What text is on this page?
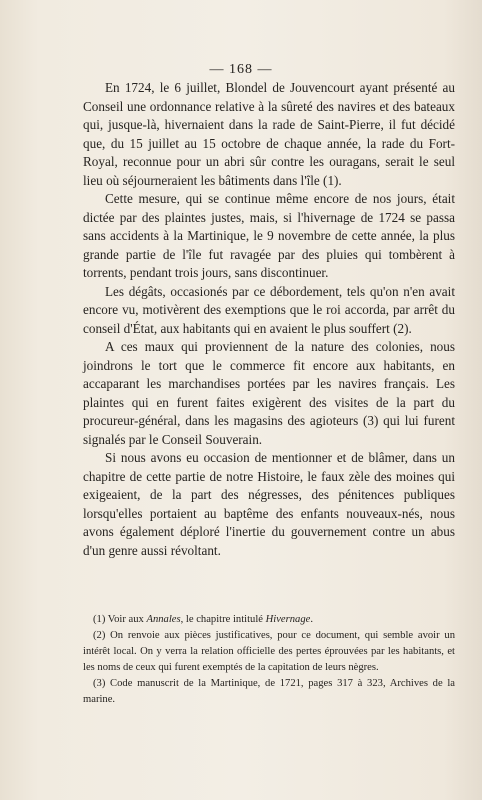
— 168 —

En 1724, le 6 juillet, Blondel de Jouvencourt ayant présenté au Conseil une ordonnance relative à la sûreté des navires et des bateaux qui, jusque-là, hivernaient dans la rade de Saint-Pierre, il fut décidé que, du 15 juillet au 15 octobre de chaque année, la rade du Fort-Royal, reconnue pour un abri sûr contre les ouragans, serait le seul lieu où séjourneraient les bâtiments dans l'île (1).

Cette mesure, qui se continue même encore de nos jours, était dictée par des plaintes justes, mais, si l'hivernage de 1724 se passa sans accidents à la Martinique, le 9 novembre de cette année, la plus grande partie de l'île fut ravagée par des pluies qui tombèrent à torrents, pendant trois jours, sans discontinuer.

Les dégâts, occasionés par ce débordement, tels qu'on n'en avait encore vu, motivèrent des exemptions que le roi accorda, par arrêt du conseil d'État, aux habitants qui en avaient le plus souffert (2).

A ces maux qui proviennent de la nature des colonies, nous joindrons le tort que le commerce fit encore aux habitants, en accaparant les marchandises portées par les navires français. Les plaintes qui en furent faites exigèrent des visites de la part du procureur-général, dans les magasins des agioteurs (3) qui lui furent signalés par le Conseil Souverain.

Si nous avons eu occasion de mentionner et de blâmer, dans un chapitre de cette partie de notre Histoire, le faux zèle des moines qui exigeaient, de la part des négresses, des pénitences publiques lorsqu'elles portaient au baptême des enfants nouveaux-nés, nous avons également déploré l'inertie du gouvernement contre un abus d'un genre aussi révoltant.

(1) Voir aux Annales, le chapitre intitulé Hivernage.

(2) On renvoie aux pièces justificatives, pour ce document, qui semble avoir un intérêt local. On y verra la relation officielle des pertes éprouvées par les habitants, et les noms de ceux qui furent exemptés de la capitation de leurs nègres.

(3) Code manuscrit de la Martinique, de 1721, pages 317 à 323, Archives de la marine.
